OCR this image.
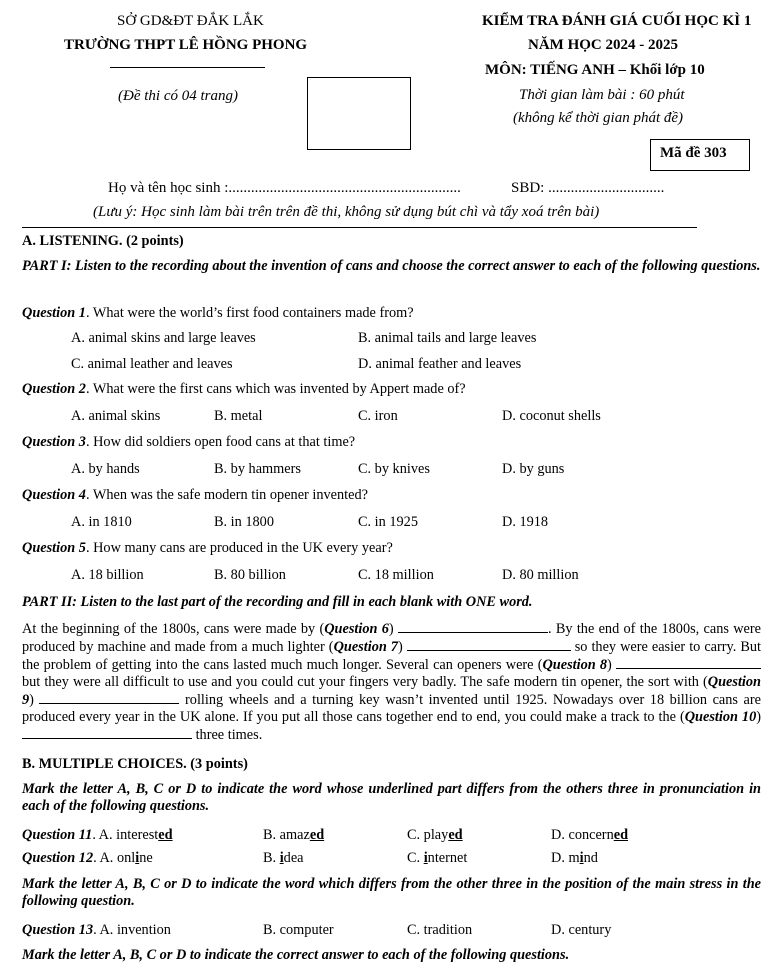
SỞ GD&ĐT ĐẮK LẮK
TRƯỜNG THPT LÊ HỒNG PHONG
(Đề thi có 04 trang)
KIỂM TRA ĐÁNH GIÁ CUỐI HỌC KÌ 1
NĂM HỌC 2024 - 2025
MÔN: TIẾNG ANH – Khối lớp 10
Thời gian làm bài : 60 phút
(không kể thời gian phát đề)
Mã đề 303
Họ và tên học sinh :..............................................................	SBD: ...............................
(Lưu ý: Học sinh làm bài trên trên đề thi, không sử dụng bút chì và tẩy xoá trên bài)
A. LISTENING. (2 points)
PART I: Listen to the recording about the invention of cans and choose the correct answer to each of the following questions.
Question 1. What were the world’s first food containers made from?
A. animal skins and large leaves	B. animal tails and large leaves
C. animal leather and leaves	D. animal feather and leaves
Question 2. What were the first cans which was invented by Appert made of?
A. animal skins	B. metal	C. iron	D. coconut shells
Question 3. How did soldiers open food cans at that time?
A. by hands	B. by hammers	C. by knives	D. by guns
Question 4. When was the safe modern tin opener invented?
A. in 1810	B. in 1800	C. in 1925	D. 1918
Question 5. How many cans are produced in the UK every year?
A. 18 billion	B. 80 billion	C. 18 million	D. 80 million
PART II: Listen to the last part of the recording and fill in each blank with ONE word.
At the beginning of the 1800s, cans were made by (Question 6)	. By the end of the 1800s, cans were produced by machine and made from a much lighter (Question 7)	so they were easier to carry. But the problem of getting into the cans lasted much much longer. Several can openers were (Question 8)  but they were all difficult to use and you could cut your fingers very badly. The safe modern tin opener, the sort with (Question 9)	rolling wheels and a turning key wasn’t invented until 1925. Nowadays over 18 billion cans are produced every year in the UK alone. If you put all those cans together end to end, you could make a track to the (Question 10)  three times.
B. MULTIPLE CHOICES. (3 points)
Mark the letter A, B, C or D to indicate the word whose underlined part differs from the others three in pronunciation in each of the following questions.
Question 11. A. interested	B. amazed	C. played	D. concerned
Question 12. A. online	B. idea	C. internet	D. mind
Mark the letter A, B, C or D to indicate the word which differs from the other three in the position of the main stress in the following question.
Question 13. A. invention	B. computer	C. tradition	D. century
Mark the letter A, B, C or D to indicate the correct answer to each of the following questions.
